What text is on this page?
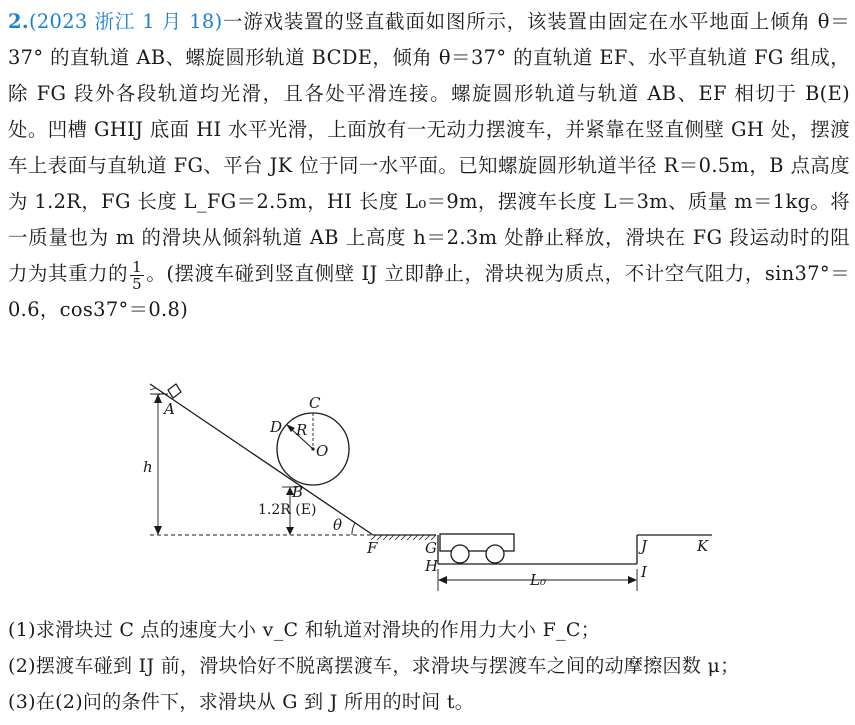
2.(2023 浙江 1 月 18)一游戏装置的竖直截面如图所示，该装置由固定在水平地面上倾角 θ＝37° 的直轨道 AB、螺旋圆形轨道 BCDE，倾角 θ＝37° 的直轨道 EF、水平直轨道 FG 组成，除 FG 段外各段轨道均光滑，且各处平滑连接。螺旋圆形轨道与轨道 AB、EF 相切于 B(E) 处。凹槽 GHIJ 底面 HI 水平光滑，上面放有一无动力摆渡车，并紧靠在竖直侧壁 GH 处，摆渡车上表面与直轨道 FG、平台 JK 位于同一水平面。已知螺旋圆形轨道半径 R＝0.5m，B 点高度为 1.2R，FG 长度 L_FG＝2.5m，HI 长度 L₀＝9m，摆渡车长度 L＝3m、质量 m＝1kg。将一质量也为 m 的滑块从倾斜轨道 AB 上高度 h＝2.3m 处静止释放，滑块在 FG 段运动时的阻力为其重力的 $\frac{1}{5}$ 。(摆渡车碰到竖直侧壁 IJ 立即静止，滑块视为质点，不计空气阻力，sin37°＝0.6，cos37°＝0.8)

A
h
C
D R
O
B
1.2R (E)
θ
F	G
H	I
J	K
L₀

(1)求滑块过 C 点的速度大小 v_C 和轨道对滑块的作用力大小 F_C；

(2)摆渡车碰到 IJ 前，滑块恰好不脱离摆渡车，求滑块与摆渡车之间的动摩擦因数 μ；

(3)在(2)问的条件下，求滑块从 G 到 J 所用的时间 t。
